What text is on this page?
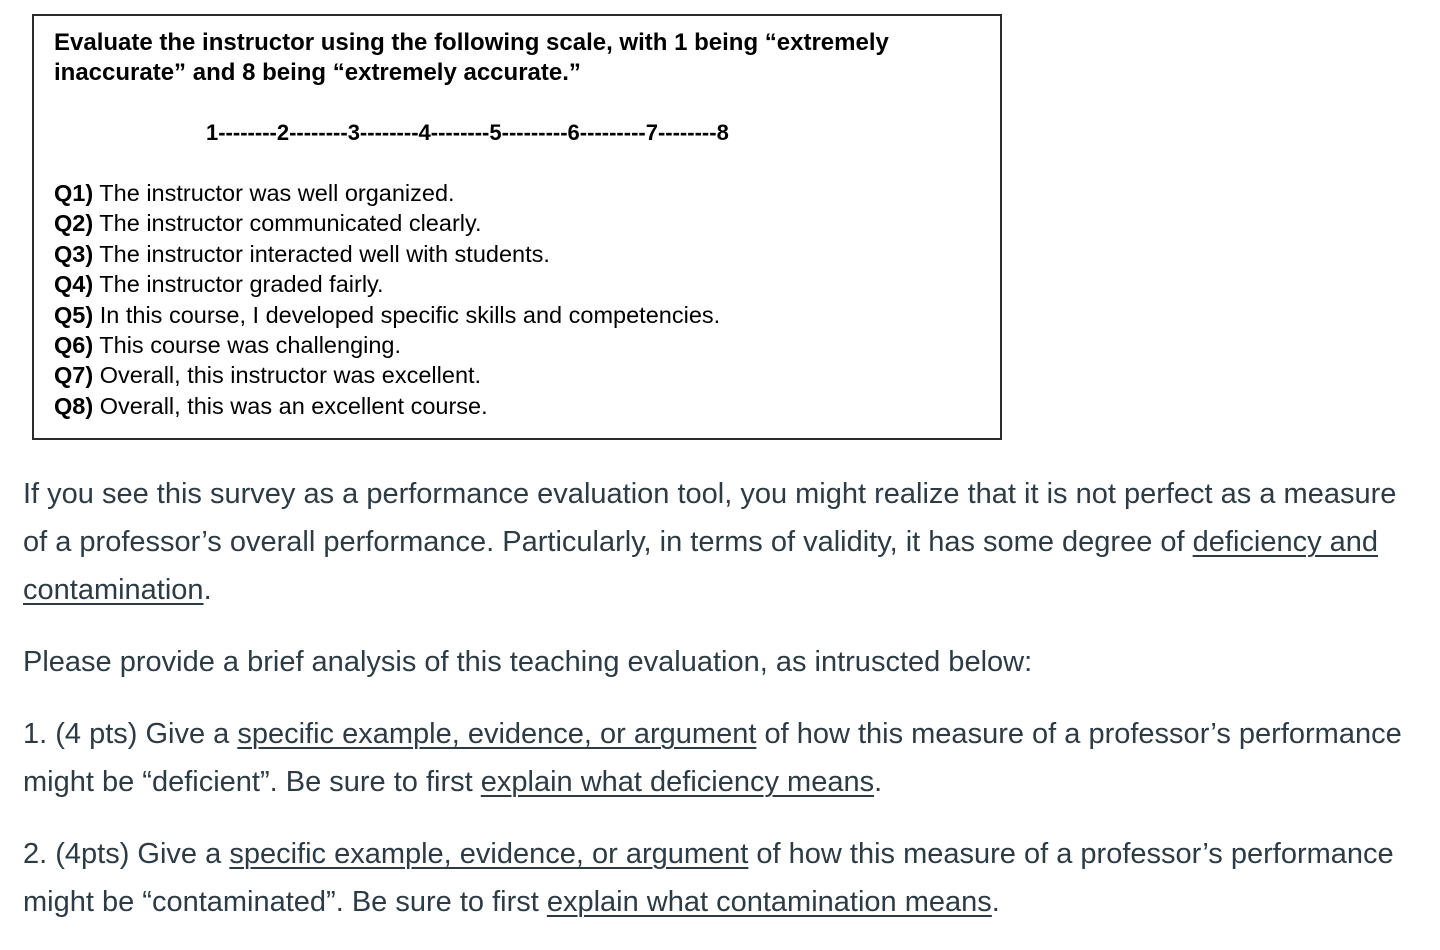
Evaluate the instructor using the following scale, with 1 being “extremely inaccurate” and 8 being “extremely accurate.”

1--------2--------3--------4--------5---------6---------7--------8
Q1) The instructor was well organized.
Q2) The instructor communicated clearly.
Q3) The instructor interacted well with students.
Q4) The instructor graded fairly.
Q5) In this course, I developed specific skills and competencies.
Q6) This course was challenging.
Q7) Overall, this instructor was excellent.
Q8) Overall, this was an excellent course.

If you see this survey as a performance evaluation tool, you might realize that it is not perfect as a measure of a professor’s overall performance. Particularly, in terms of validity, it has some degree of deficiency and contamination.

Please provide a brief analysis of this teaching evaluation, as intruscted below:

1. (4 pts) Give a specific example, evidence, or argument of how this measure of a professor’s performance might be “deficient”. Be sure to first explain what deficiency means.

2. (4pts) Give a specific example, evidence, or argument of how this measure of a professor’s performance might be “contaminated”. Be sure to first explain what contamination means.
